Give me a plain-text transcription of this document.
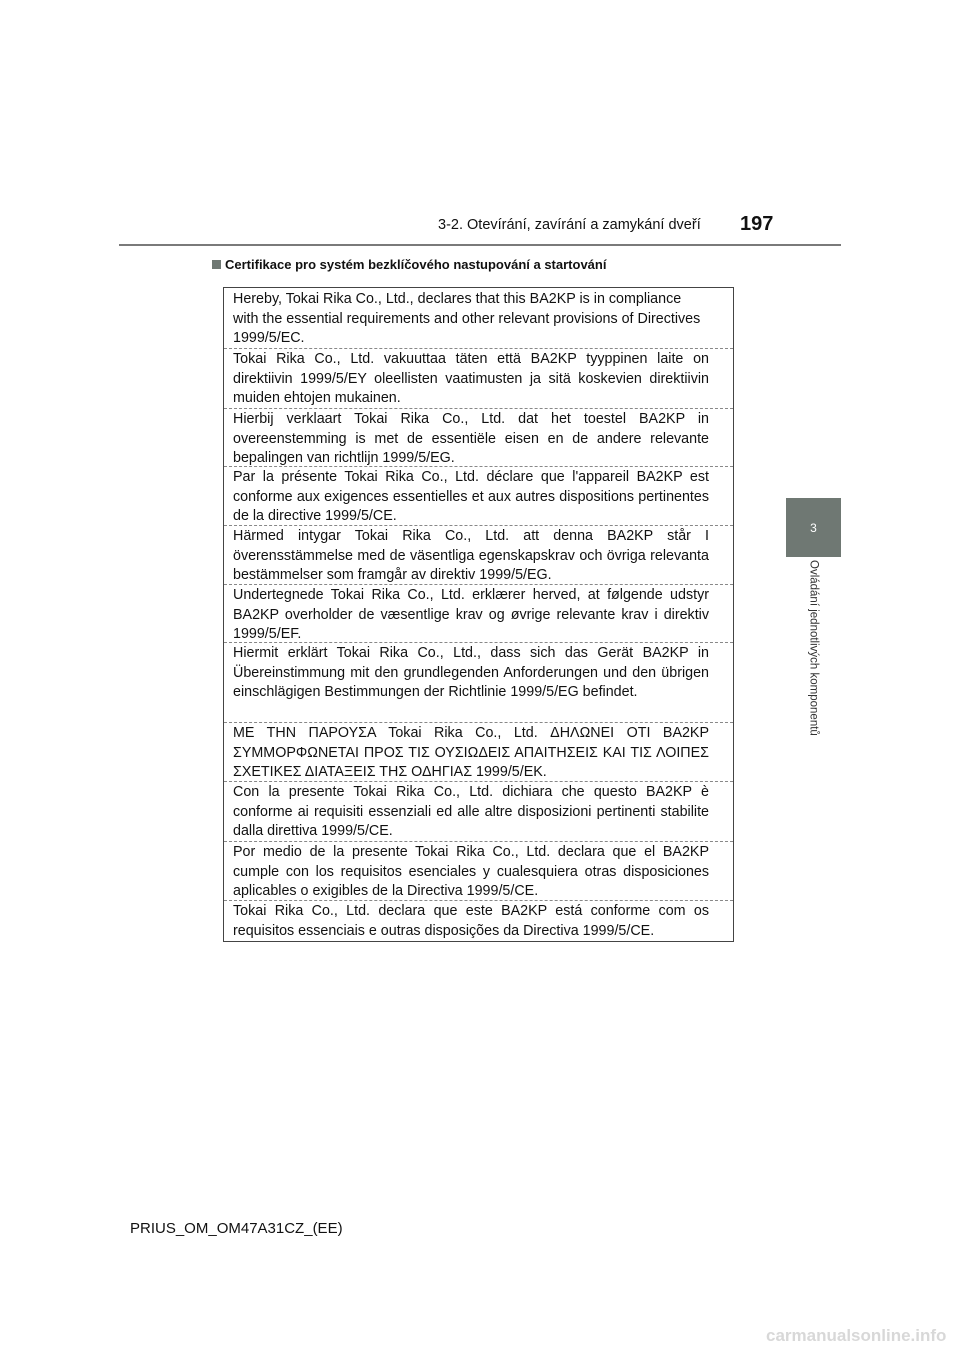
3-2. Otevírání, zavírání a zamykání dveří 197
3
Ovládání jednotlivých komponentů
Certifikace pro systém bezklíčového nastupování a startování
Hereby, Tokai Rika Co., Ltd., declares that this BA2KP is in compliance with the essential requirements and other relevant provisions of Directives 1999/5/EC.
Tokai Rika Co., Ltd. vakuuttaa täten että BA2KP tyyppinen laite on direktiivin 1999/5/EY oleellisten vaatimusten ja sitä koskevien direktiivin muiden ehtojen mukainen.
Hierbij verklaart Tokai Rika Co., Ltd. dat het toestel BA2KP in overeenstemming is met de essentiële eisen en de andere relevante bepalingen van richtlijn 1999/5/EG.
Par la présente Tokai Rika Co., Ltd. déclare que l'appareil BA2KP est conforme aux exigences essentielles et aux autres dispositions pertinentes de la directive 1999/5/CE.
Härmed intygar Tokai Rika Co., Ltd. att denna BA2KP står I överensstämmelse med de väsentliga egenskapskrav och övriga relevanta bestämmelser som framgår av direktiv 1999/5/EG.
Undertegnede Tokai Rika Co., Ltd. erklærer herved, at følgende udstyr BA2KP overholder de væsentlige krav og øvrige relevante krav i direktiv 1999/5/EF.
Hiermit erklärt Tokai Rika Co., Ltd., dass sich das Gerät BA2KP in Übereinstimmung mit den grundlegenden Anforderungen und den übrigen einschlägigen Bestimmungen der Richtlinie 1999/5/EG befindet.
ΜΕ ΤΗΝ ΠΑΡΟΥΣΑ Tokai Rika Co., Ltd. ΔΗΛΩΝΕΙ ΟΤΙ BA2KP ΣΥΜΜΟΡΦΩΝΕΤΑΙ ΠΡΟΣ ΤΙΣ ΟΥΣΙΩΔΕΙΣ ΑΠΑΙΤΗΣΕΙΣ ΚΑΙ ΤΙΣ ΛΟΙΠΕΣ ΣΧΕΤΙΚΕΣ ΔΙΑΤΑΞΕΙΣ ΤΗΣ ΟΔΗΓΙΑΣ 1999/5/ΕΚ.
Con la presente Tokai Rika Co., Ltd. dichiara che questo BA2KP è conforme ai requisiti essenziali ed alle altre disposizioni pertinenti stabilite dalla direttiva 1999/5/CE.
Por medio de la presente Tokai Rika Co., Ltd. declara que el BA2KP cumple con los requisitos esenciales y cualesquiera otras disposiciones aplicables o exigibles de la Directiva 1999/5/CE.
Tokai Rika Co., Ltd. declara que este BA2KP está conforme com os requisitos essenciais e outras disposições da Directiva 1999/5/CE.
PRIUS_OM_OM47A31CZ_(EE)
carmanualsonline.info
